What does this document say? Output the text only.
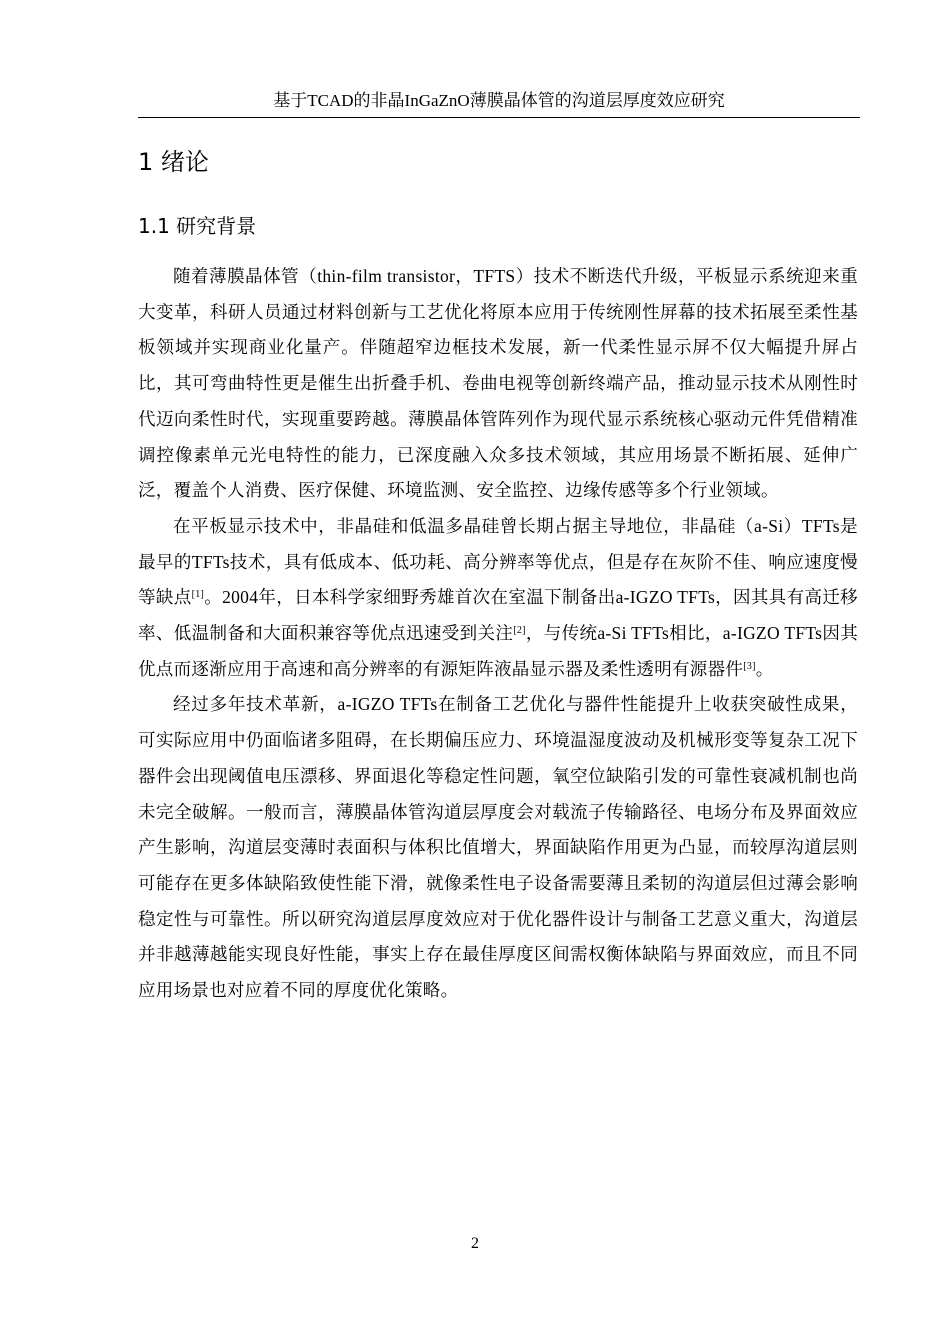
基于TCAD的非晶InGaZnO薄膜晶体管的沟道层厚度效应研究
1 绪论
1.1 研究背景

随着薄膜晶体管（thin-film transistor，TFTS）技术不断迭代升级，平板显示系统迎来重大变革，科研人员通过材料创新与工艺优化将原本应用于传统刚性屏幕的技术拓展至柔性基板领域并实现商业化量产。伴随超窄边框技术发展，新一代柔性显示屏不仅大幅提升屏占比，其可弯曲特性更是催生出折叠手机、卷曲电视等创新终端产品，推动显示技术从刚性时代迈向柔性时代，实现重要跨越。薄膜晶体管阵列作为现代显示系统核心驱动元件凭借精准调控像素单元光电特性的能力，已深度融入众多技术领域，其应用场景不断拓展、延伸广泛，覆盖个人消费、医疗保健、环境监测、安全监控、边缘传感等多个行业领域。

在平板显示技术中，非晶硅和低温多晶硅曾长期占据主导地位，非晶硅（a-Si）TFTs是最早的TFTs技术，具有低成本、低功耗、高分辨率等优点，但是存在灰阶不佳、响应速度慢等缺点[1]。2004年，日本科学家细野秀雄首次在室温下制备出a-IGZO TFTs，因其具有高迁移率、低温制备和大面积兼容等优点迅速受到关注[2]，与传统a-Si TFTs相比，a-IGZO TFTs因其优点而逐渐应用于高速和高分辨率的有源矩阵液晶显示器及柔性透明有源器件[3]。

经过多年技术革新，a-IGZO TFTs在制备工艺优化与器件性能提升上收获突破性成果，可实际应用中仍面临诸多阻碍，在长期偏压应力、环境温湿度波动及机械形变等复杂工况下器件会出现阈值电压漂移、界面退化等稳定性问题，氧空位缺陷引发的可靠性衰减机制也尚未完全破解。一般而言，薄膜晶体管沟道层厚度会对载流子传输路径、电场分布及界面效应产生影响，沟道层变薄时表面积与体积比值增大，界面缺陷作用更为凸显，而较厚沟道层则可能存在更多体缺陷致使性能下滑，就像柔性电子设备需要薄且柔韧的沟道层但过薄会影响稳定性与可靠性。所以研究沟道层厚度效应对于优化器件设计与制备工艺意义重大，沟道层并非越薄越能实现良好性能，事实上存在最佳厚度区间需权衡体缺陷与界面效应，而且不同应用场景也对应着不同的厚度优化策略。

2
